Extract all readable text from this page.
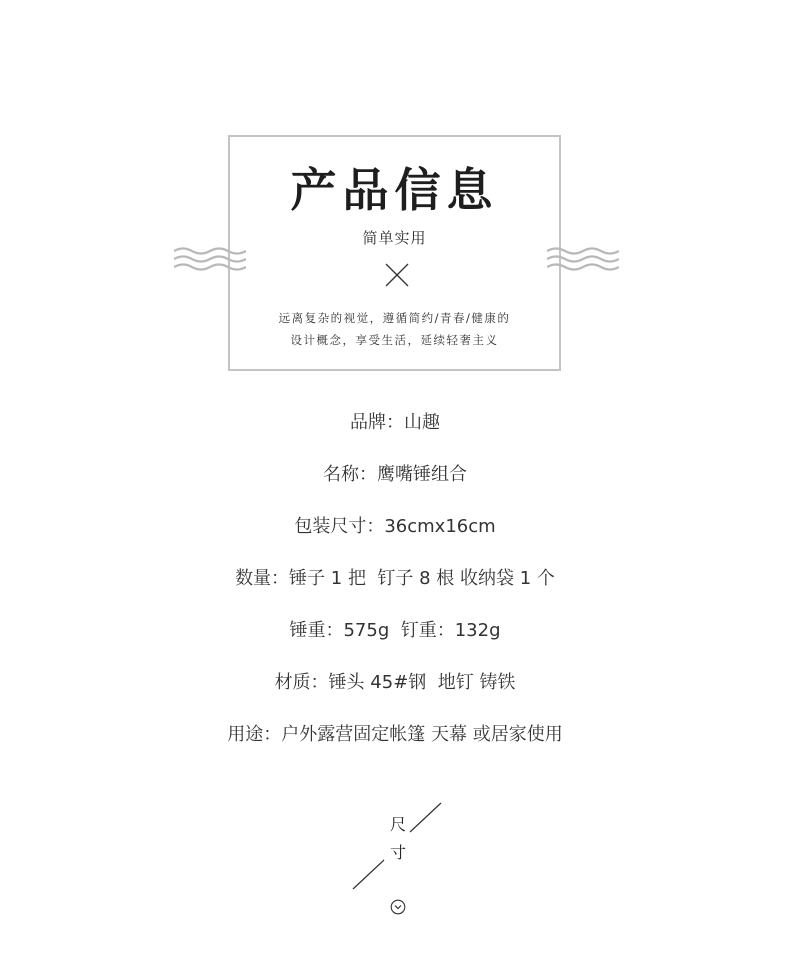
产品信息
简单实用
远离复杂的视觉，遵循简约/青春/健康的
设计概念，享受生活，延续轻奢主义
品牌：山趣
名称：鹰嘴锤组合
包装尺寸：36cmx16cm
数量：锤子 1 把  钉子 8 根 收纳袋 1 个
锤重：575g  钉重：132g
材质：锤头 45#钢  地钉 铸铁
用途：户外露营固定帐篷 天幕 或居家使用
尺
寸
